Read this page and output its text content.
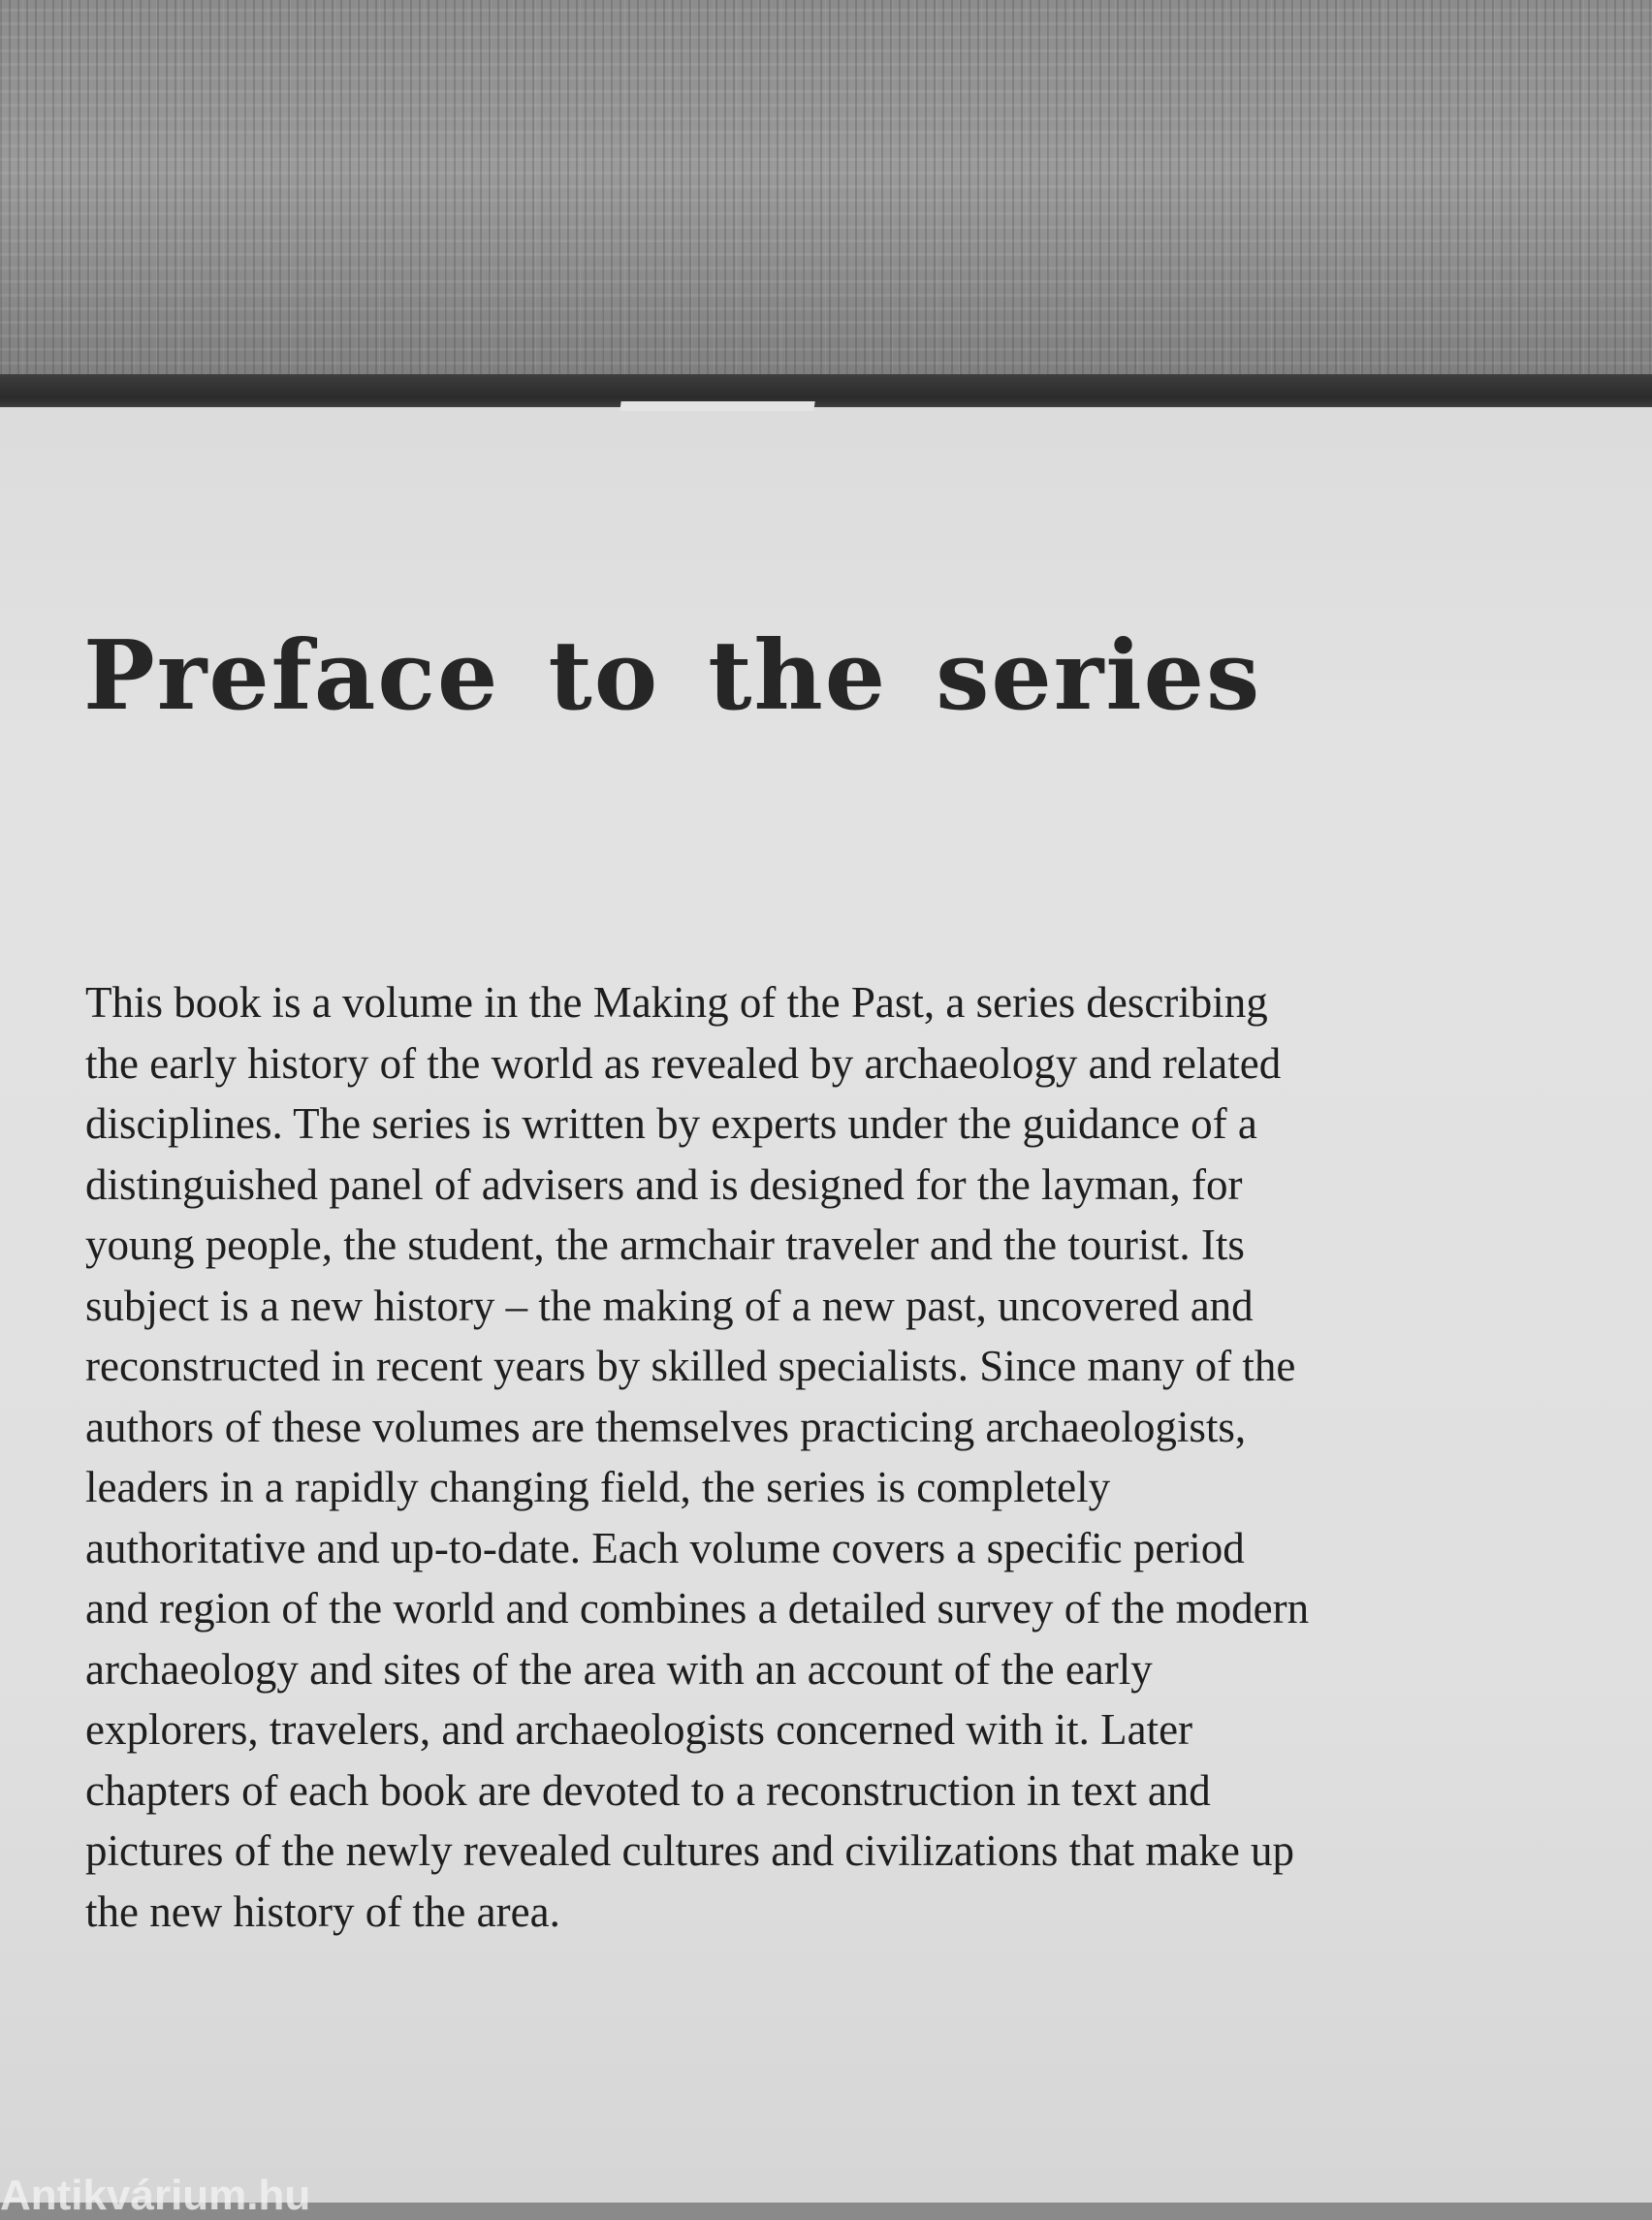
Preface to the series
This book is a volume in the Making of the Past, a series describing
the early history of the world as revealed by archaeology and related
disciplines. The series is written by experts under the guidance of a
distinguished panel of advisers and is designed for the layman, for
young people, the student, the armchair traveler and the tourist. Its
subject is a new history – the making of a new past, uncovered and
reconstructed in recent years by skilled specialists. Since many of the
authors of these volumes are themselves practicing archaeologists,
leaders in a rapidly changing field, the series is completely
authoritative and up-to-date. Each volume covers a specific period
and region of the world and combines a detailed survey of the modern
archaeology and sites of the area with an account of the early
explorers, travelers, and archaeologists concerned with it. Later
chapters of each book are devoted to a reconstruction in text and
pictures of the newly revealed cultures and civilizations that make up
the new history of the area.
Antikvárium.hu
